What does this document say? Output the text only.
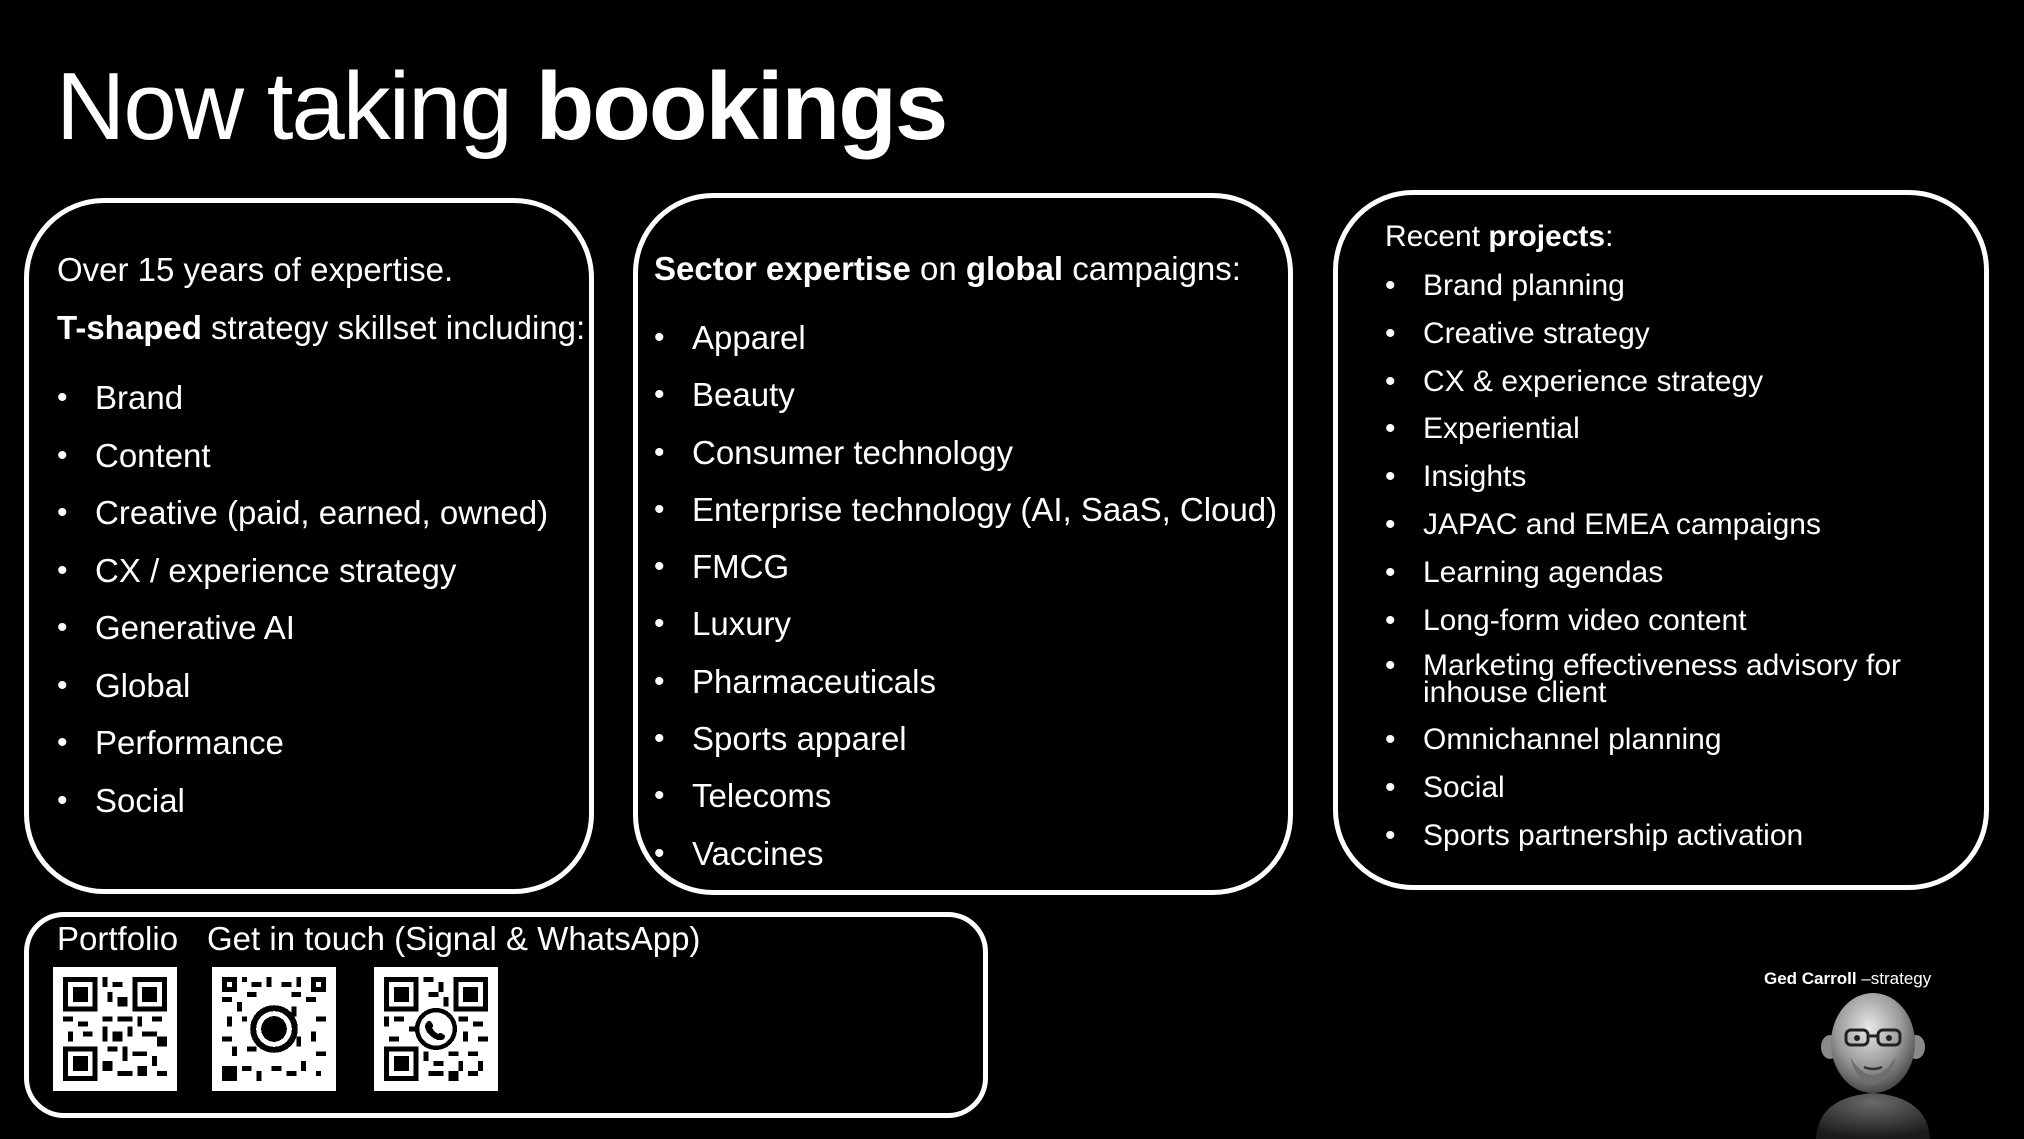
Now taking bookings
Over 15 years of expertise.
T-shaped strategy skillset including:
• Brand
• Content
• Creative (paid, earned, owned)
• CX / experience strategy
• Generative AI
• Global
• Performance
• Social
Sector expertise on global campaigns:
• Apparel
• Beauty
• Consumer technology
• Enterprise technology (AI, SaaS, Cloud)
• FMCG
• Luxury
• Pharmaceuticals
• Sports apparel
• Telecoms
• Vaccines
Recent projects:
• Brand planning
• Creative strategy
• CX & experience strategy
• Experiential
• Insights
• JAPAC and EMEA campaigns
• Learning agendas
• Long-form video content
• Marketing effectiveness advisory for inhouse client
• Omnichannel planning
• Social
• Sports partnership activation
Portfolio Get in touch (Signal & WhatsApp)
Ged Carroll –strategy
